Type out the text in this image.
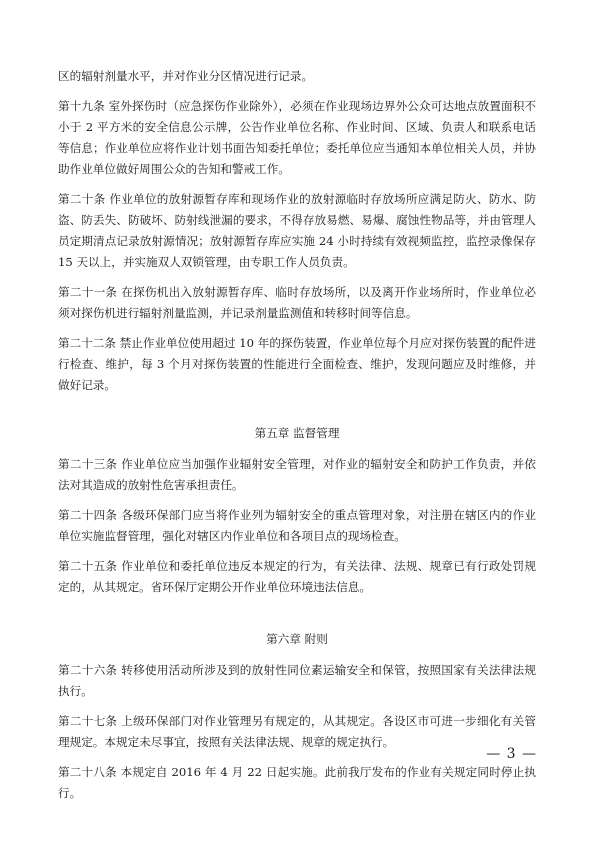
区的辐射剂量水平，并对作业分区情况进行记录。

第十九条 室外探伤时（应急探伤作业除外），必须在作业现场边界外公众可达地点放置面积不小于 2 平方米的安全信息公示牌，公告作业单位名称、作业时间、区域、负责人和联系电话等信息；作业单位应将作业计划书面告知委托单位；委托单位应当通知本单位相关人员，并协助作业单位做好周围公众的告知和警戒工作。

第二十条 作业单位的放射源暂存库和现场作业的放射源临时存放场所应满足防火、防水、防盗、防丢失、防破坏、防射线泄漏的要求，不得存放易燃、易爆、腐蚀性物品等，并由管理人员定期清点记录放射源情况；放射源暂存库应实施 24 小时持续有效视频监控，监控录像保存 15 天以上，并实施双人双锁管理，由专职工作人员负责。

第二十一条 在探伤机出入放射源暂存库、临时存放场所，以及离开作业场所时，作业单位必须对探伤机进行辐射剂量监测，并记录剂量监测值和转移时间等信息。

第二十二条 禁止作业单位使用超过 10 年的探伤装置，作业单位每个月应对探伤装置的配件进行检查、维护，每 3 个月对探伤装置的性能进行全面检查、维护，发现问题应及时维修，并做好记录。

第五章 监督管理

第二十三条 作业单位应当加强作业辐射安全管理，对作业的辐射安全和防护工作负责，并依法对其造成的放射性危害承担责任。

第二十四条 各级环保部门应当将作业列为辐射安全的重点管理对象，对注册在辖区内的作业单位实施监督管理，强化对辖区内作业单位和各项目点的现场检查。

第二十五条 作业单位和委托单位违反本规定的行为，有关法律、法规、规章已有行政处罚规定的，从其规定。省环保厅定期公开作业单位环境违法信息。

第六章 附则

第二十六条 转移使用活动所涉及到的放射性同位素运输安全和保管，按照国家有关法律法规执行。

第二十七条 上级环保部门对作业管理另有规定的，从其规定。各设区市可进一步细化有关管理规定。本规定未尽事宜，按照有关法律法规、规章的规定执行。

第二十八条 本规定自 2016 年 4 月 22 日起实施。此前我厅发布的作业有关规定同时停止执行。

— 3 —
